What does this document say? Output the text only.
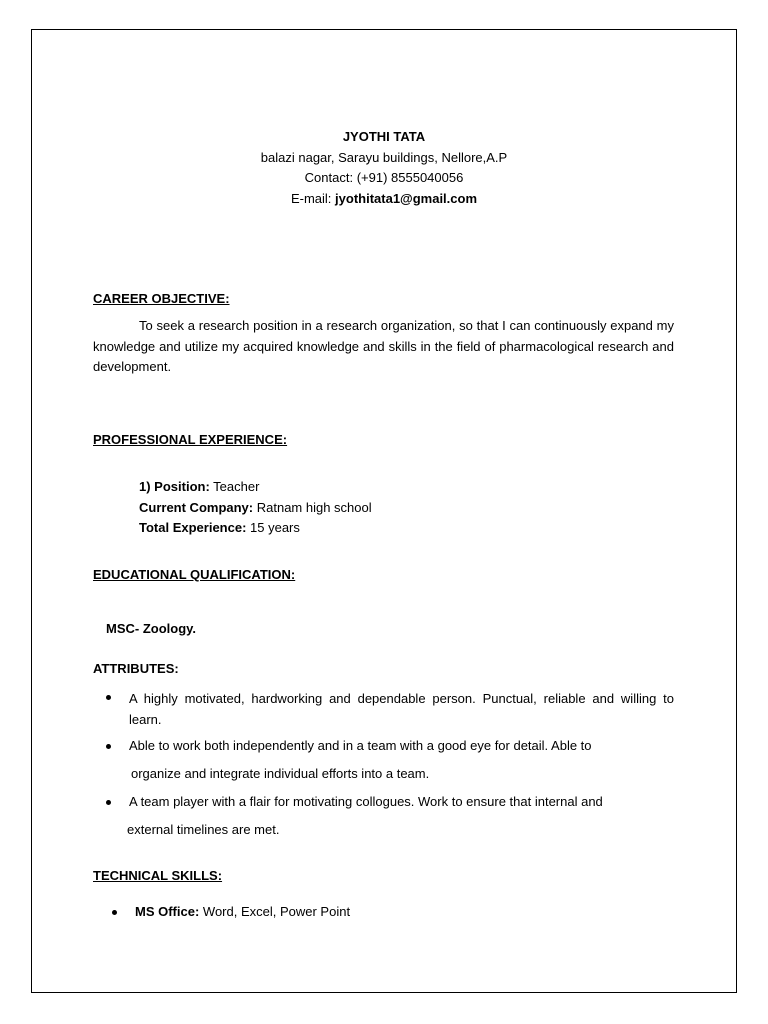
JYOTHI TATA
balazi nagar, Sarayu buildings, Nellore,A.P
Contact: (+91) 8555040056
E-mail: jyothitata1@gmail.com
CAREER OBJECTIVE:
To seek a research position in a research organization, so that I can continuously expand my knowledge and utilize my acquired knowledge and skills in the field of pharmacological research and development.
PROFESSIONAL EXPERIENCE:
1) Position: Teacher
Current Company: Ratnam high school
Total Experience: 15 years
EDUCATIONAL QUALIFICATION:
MSC- Zoology.
ATTRIBUTES:
A highly motivated, hardworking and dependable person. Punctual, reliable and willing to learn.
Able to work both independently and in a team with a good eye for detail. Able to
organize and integrate individual efforts into a team.
A team player with a flair for motivating collogues. Work to ensure that internal and
external timelines are met.
TECHNICAL SKILLS:
MS Office: Word, Excel, Power Point
